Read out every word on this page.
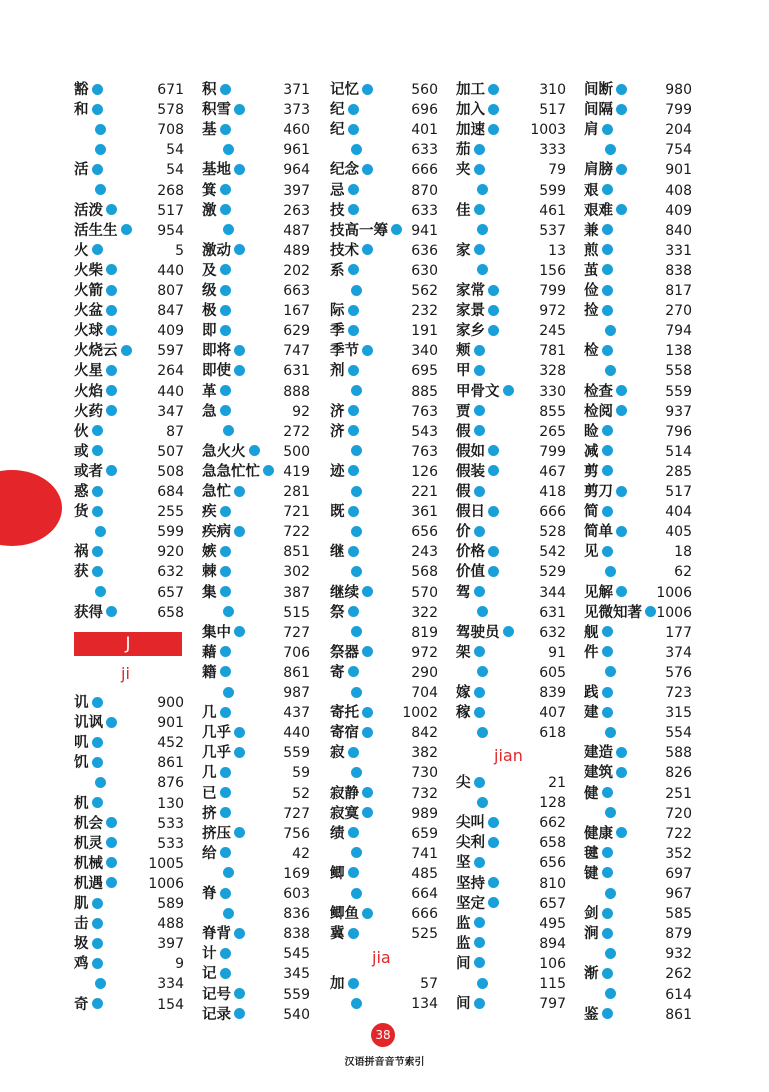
豁	671
和	578
708
54
活	54
268
活泼	517
活生生	954
火	5
火柴	440
火箭	807
火盆	847
火球	409
火烧云	597
火星	264
火焰	440
火药	347
伙	87
或	507
或者	508
惑	684
货	255
599
祸	920
获	632
657
获得	658
讥	900
讥讽	901
叽	452
饥	861
876
机	130
机会	533
机灵	533
机械	1005
机遇	1006
肌	589
击	488
圾	397
鸡	9
334
奇	154
积	371
积雪	373
基	460
961
基地	964
箕	397
激	263
487
激动	489
及	202
级	663
极	167
即	629
即将	747
即使	631
革	888
急	92
272
急火火	500
急急忙忙	419
急忙	281
疾	721
疾病	722
嫉	851
棘	302
集	387
515
集中	727
藉	706
籍	861
987
几	437
几乎	440
几乎	559
几	59
已	52
挤	727
挤压	756
给	42
169
脊	603
836
脊背	838
计	545
记	345
记号	559
记录	540
记忆	560
纪	696
纪	401
633
纪念	666
忌	870
技	633
技高一筹	941
技术	636
系	630
562
际	232
季	191
季节	340
剂	695
885
济	763
济	543
763
迹	126
221
既	361
656
继	243
568
继续	570
祭	322
819
祭器	972
寄	290
704
寄托	1002
寄宿	842
寂	382
730
寂静	732
寂寞	989
绩	659
741
鲫	485
664
鲫鱼	666
冀	525
加	57
134
加工	310
加入	517
加速	1003
茄	333
夹	79
599
佳	461
537
家	13
156
家常	799
家景	972
家乡	245
颊	781
甲	328
甲骨文	330
贾	855
假	265
假如	799
假装	467
假	418
假日	666
价	528
价格	542
价值	529
驾	344
631
驾驶员	632
架	91
605
嫁	839
稼	407
618
尖	21
128
尖叫	662
尖利	658
坚	656
坚持	810
坚定	657
监	495
监	894
间	106
115
间	797
间断	980
间隔	799
肩	204
754
肩膀	901
艰	408
艰难	409
兼	840
煎	331
茧	838
俭	817
捡	270
794
检	138
558
检查	559
检阅	937
睑	796
减	514
剪	285
剪刀	517
简	404
简单	405
见	18
62
见解	1006
见微知著	1006
舰	177
件	374
576
践	723
建	315
554
建造	588
建筑	826
健	251
720
健康	722
毽	352
键	697
967
剑	585
涧	879
932
渐	262
614
鉴	861
J
ji
jia
jian
38
汉语拼音音节索引
